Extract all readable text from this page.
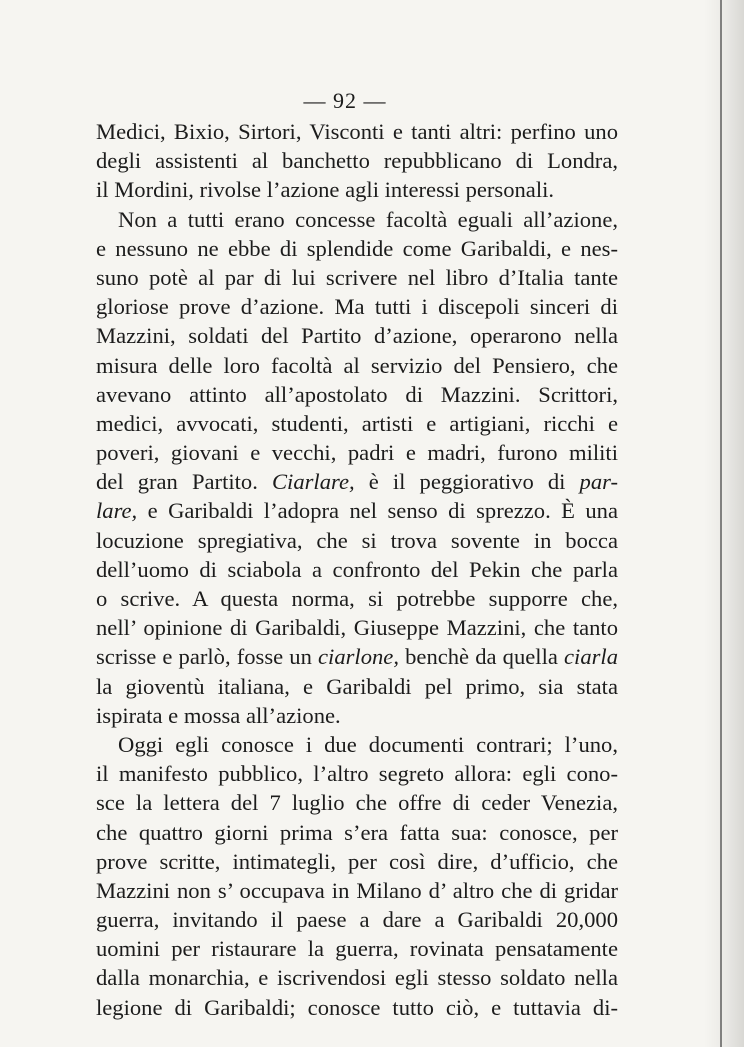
— 92 —
Medici, Bixio, Sirtori, Visconti e tanti altri: perfino uno
degli assistenti al banchetto repubblicano di Londra,
il Mordini, rivolse l’azione agli interessi personali.
Non a tutti erano concesse facoltà eguali all’azione,
e nessuno ne ebbe di splendide come Garibaldi, e nes-
suno potè al par di lui scrivere nel libro d’Italia tante
gloriose prove d’azione. Ma tutti i discepoli sinceri di
Mazzini, soldati del Partito d’azione, operarono nella
misura delle loro facoltà al servizio del Pensiero, che
avevano attinto all’apostolato di Mazzini. Scrittori,
medici, avvocati, studenti, artisti e artigiani, ricchi e
poveri, giovani e vecchi, padri e madri, furono militi
del gran Partito. Ciarlare, è il peggiorativo di par-
lare, e Garibaldi l’adopra nel senso di sprezzo. È una
locuzione spregiativa, che si trova sovente in bocca
dell’uomo di sciabola a confronto del Pekin che parla
o scrive. A questa norma, si potrebbe supporre che,
nell’ opinione di Garibaldi, Giuseppe Mazzini, che tanto
scrisse e parlò, fosse un ciarlone, benchè da quella ciarla
la gioventù italiana, e Garibaldi pel primo, sia stata
ispirata e mossa all’azione.
Oggi egli conosce i due documenti contrari; l’uno,
il manifesto pubblico, l’altro segreto allora: egli cono-
sce la lettera del 7 luglio che offre di ceder Venezia,
che quattro giorni prima s’era fatta sua: conosce, per
prove scritte, intimategli, per così dire, d’ufficio, che
Mazzini non s’ occupava in Milano d’ altro che di gridar
guerra, invitando il paese a dare a Garibaldi 20,000
uomini per ristaurare la guerra, rovinata pensatamente
dalla monarchia, e iscrivendosi egli stesso soldato nella
legione di Garibaldi; conosce tutto ciò, e tuttavia di-
